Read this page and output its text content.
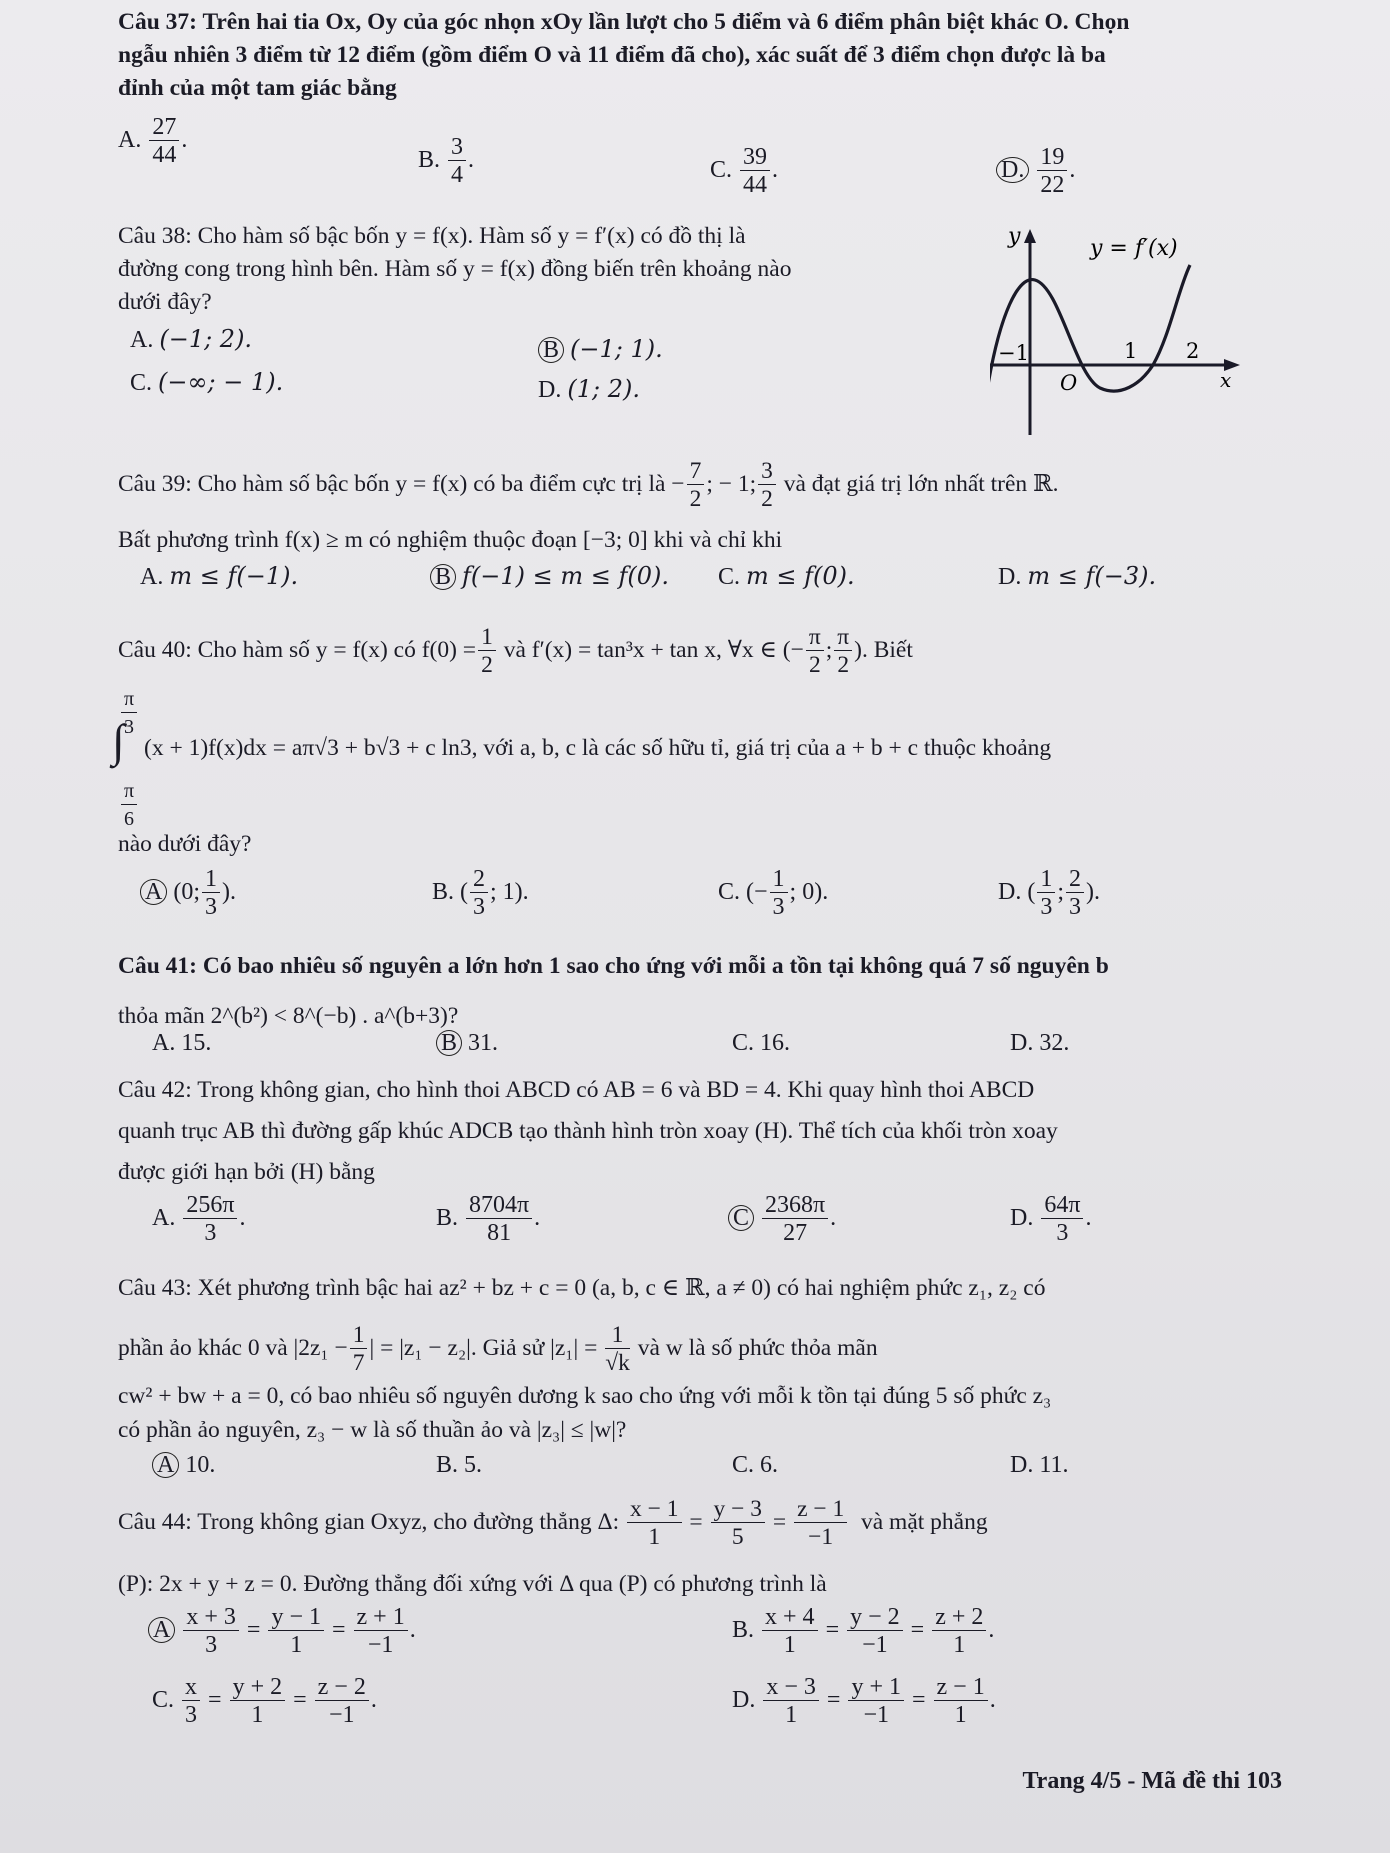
Câu 37: Trên hai tia Ox, Oy của góc nhọn xOy lần lượt cho 5 điểm và 6 điểm phân biệt khác O. Chọn
ngẫu nhiên 3 điểm từ 12 điểm (gồm điểm O và 11 điểm đã cho), xác suất để 3 điểm chọn được là ba
đỉnh của một tam giác bằng
A. $\frac{27}{44}$ .
B. $\frac{3}{4}$ .	C. $\frac{39}{44}$ .	D. $\frac{19}{22}$ .
Câu 38: Cho hàm số bậc bốn y = f(x). Hàm số y = f′(x) có đồ thị là
đường cong trong hình bên. Hàm số y = f(x) đồng biến trên khoảng nào
dưới đây?
A. (−1; 2).	B (−1; 1).
C. (−∞; − 1).	D. (1; 2).
y	y = f′(x)
−1	1 2
O	x
Câu 39: Cho hàm số bậc bốn y = f(x) có ba điểm cực trị là − $\frac{7}{2}$ ; − 1; $\frac{3}{2}$ và đạt giá trị lớn nhất trên ℝ.
Bất phương trình f(x) ≥ m có nghiệm thuộc đoạn [−3; 0] khi và chỉ khi
A. m ≤ f(−1).	B f(−1) ≤ m ≤ f(0). C. m ≤ f(0).	D. m ≤ f(−3).
Câu 40: Cho hàm số y = f(x) có $f(0) = \frac{1}{2}$ và f′(x) = tan³x + tan x, ∀x ∈ (− $\frac{\pi}{2}$ ; $\frac{\pi}{2}$ ). Biết
$\frac{\pi}{3}$
∫
$\frac{\pi}{6}$
(x + 1)f(x)dx = aπ√3 + b√3 + c ln3, với a, b, c là các số hữu tỉ, giá trị của a + b + c thuộc khoảng
nào dưới đây?
A (0; $\frac{1}{3}$ ).	B. ( $\frac{2}{3}$ ; 1).	C. (− $\frac{1}{3}$ ; 0).	D. ( $\frac{1}{3}$ ; $\frac{2}{3}$ ).
Câu 41: Có bao nhiêu số nguyên a lớn hơn 1 sao cho ứng với mỗi a tồn tại không quá 7 số nguyên b
thỏa mãn 2^(b²) < 8^(−b) . a^(b+3)?
A. 15.	B 31.	C. 16.	D. 32.
Câu 42: Trong không gian, cho hình thoi ABCD có AB = 6 và BD = 4. Khi quay hình thoi ABCD
quanh trục AB thì đường gấp khúc ADCB tạo thành hình tròn xoay (H). Thể tích của khối tròn xoay
được giới hạn bởi (H) bằng
A. $\frac{256\pi}{3}$ .	B. $\frac{8704\pi}{81}$ .	C $\frac{2368\pi}{27}$ .	D. $\frac{64\pi}{3}$ .
Câu 43: Xét phương trình bậc hai az² + bz + c = 0 (a, b, c ∈ ℝ, a ≠ 0) có hai nghiệm phức z₁, z₂ có
phần ảo khác 0 và $|2z_1 - \frac{1}{7}$ | = |z₁ − z₂|. Giả sử $|z_1| = \frac{1}{√k}$ và w là số phức thỏa mãn
cw² + bw + a = 0, có bao nhiêu số nguyên dương k sao cho ứng với mỗi k tồn tại đúng 5 số phức z₃
có phần ảo nguyên, z₃ − w là số thuần ảo và |z₃| ≤ |w|?
A 10.	B. 5.	C. 6.	D. 11.
Câu 44: Trong không gian Oxyz, cho đường thẳng Δ: $\frac{x - 1}{1} = \frac{y - 3}{5} = \frac{z - 1}{-1}$ và mặt phẳng
(P): 2x + y + z = 0. Đường thẳng đối xứng với Δ qua (P) có phương trình là
A $\frac{x + 3}{3} = \frac{y - 1}{1} = \frac{z + 1}{-1}$ .	B. $\frac{x + 4}{1} = \frac{y - 2}{-1} = \frac{z + 2}{1}$ .
C. $\frac{x}{3} = \frac{y + 2}{1} = \frac{z - 2}{-1}$ .	D. $\frac{x - 3}{1} = \frac{y + 1}{-1} = \frac{z - 1}{1}$ .
Trang 4/5 - Mã đề thi 103
